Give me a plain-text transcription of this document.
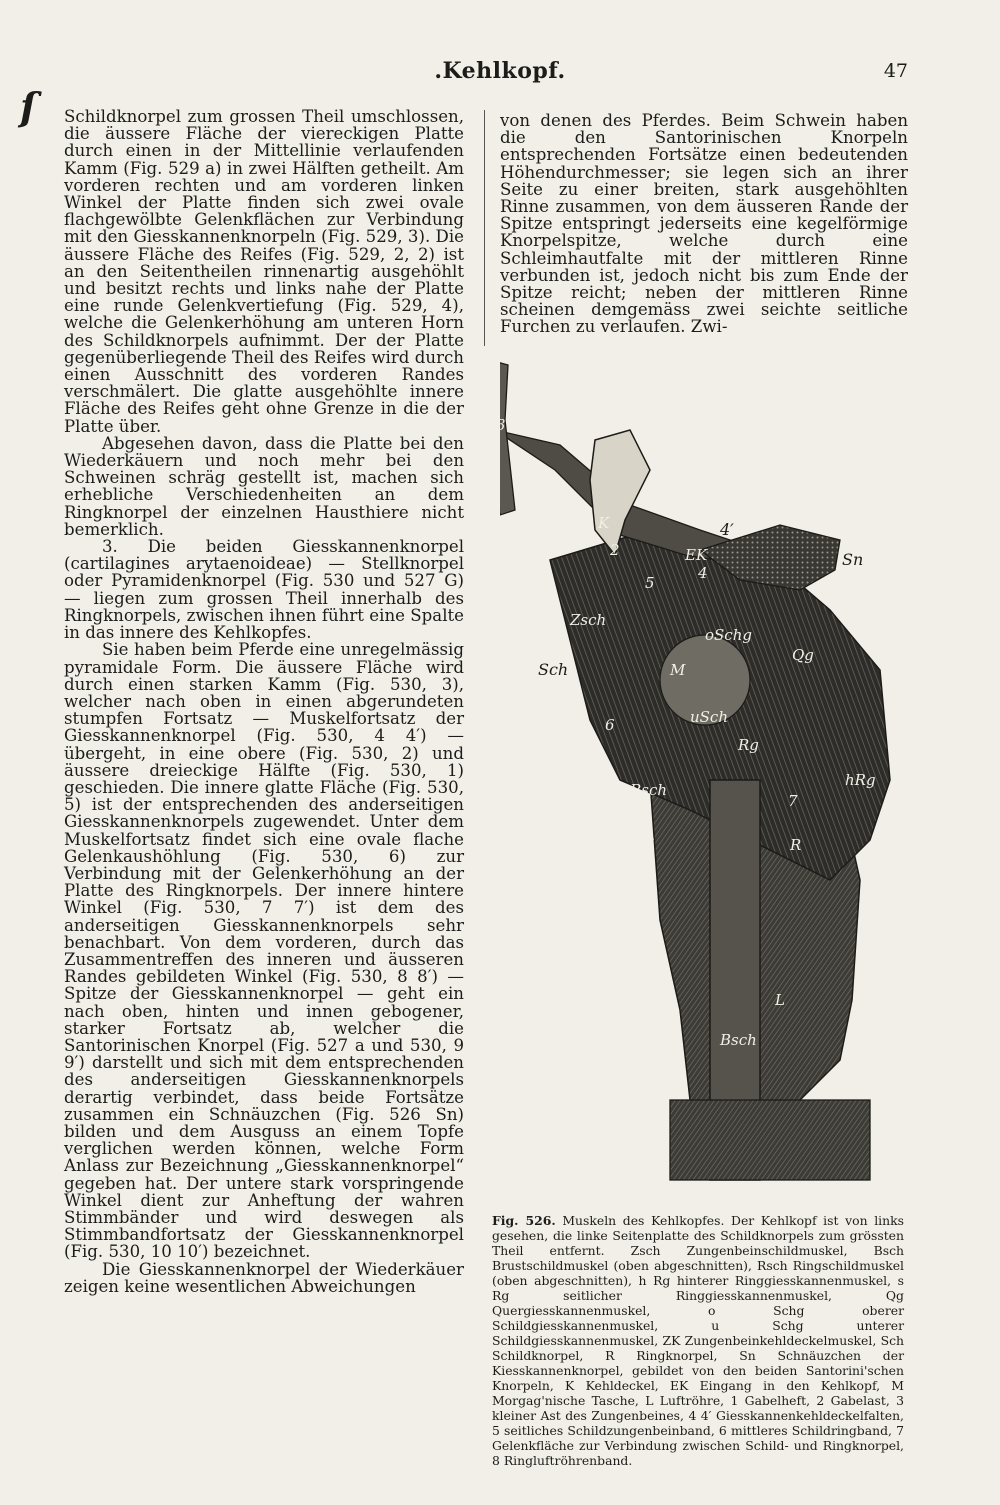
ſ
.Kehlkopf.	47

Schildknorpel zum grossen Theil umschlossen, die äussere Fläche der viereckigen Platte durch einen in der Mittellinie verlaufenden Kamm (Fig. 529 a) in zwei Hälften getheilt. Am vorderen rechten und am vorderen linken Winkel der Platte finden sich zwei ovale flachgewölbte Gelenkflächen zur Verbindung mit den Giesskannenknorpeln (Fig. 529, 3). Die äussere Fläche des Reifes (Fig. 529, 2, 2) ist an den Seitentheilen rinnenartig ausgehöhlt und besitzt rechts und links nahe der Platte eine runde Gelenkvertiefung (Fig. 529, 4), welche die Gelenkerhöhung am unteren Horn des Schildknorpels aufnimmt. Der der Platte gegenüberliegende Theil des Reifes wird durch einen Ausschnitt des vorderen Randes verschmälert. Die glatte ausgehöhlte innere Fläche des Reifes geht ohne Grenze in die der Platte über.

Abgesehen davon, dass die Platte bei den Wiederkäuern und noch mehr bei den Schweinen schräg gestellt ist, machen sich erhebliche Verschiedenheiten an dem Ringknorpel der einzelnen Hausthiere nicht bemerklich.

3. Die beiden Giesskannenknorpel (cartilagines arytaenoideae) — Stellknorpel oder Pyramidenknorpel (Fig. 530 und 527 G) — liegen zum grossen Theil innerhalb des Ringknorpels, zwischen ihnen führt eine Spalte in das innere des Kehlkopfes.

Sie haben beim Pferde eine unregelmässig pyramidale Form. Die äussere Fläche wird durch einen starken Kamm (Fig. 530, 3), welcher nach oben in einen abgerundeten stumpfen Fortsatz — Muskelfortsatz der Giesskannenknorpel (Fig. 530, 4 4′) — übergeht, in eine obere (Fig. 530, 2) und äussere dreieckige Hälfte (Fig. 530, 1) geschieden. Die innere glatte Fläche (Fig. 530, 5) ist der entsprechenden des anderseitigen Giesskannenknorpels zugewendet. Unter dem Muskelfortsatz findet sich eine ovale flache Gelenkaushöhlung (Fig. 530, 6) zur Verbindung mit der Gelenkerhöhung an der Platte des Ringknorpels. Der innere hintere Winkel (Fig. 530, 7 7′) ist dem des anderseitigen Giesskannenknorpels sehr benachbart. Von dem vorderen, durch das Zusammentreffen des inneren und äusseren Randes gebildeten Winkel (Fig. 530, 8 8′) — Spitze der Giesskannenknorpel — geht ein nach oben, hinten und innen gebogener, starker Fortsatz ab, welcher die Santorinischen Knorpel (Fig. 527 a und 530, 9 9′) darstellt und sich mit dem entsprechenden des anderseitigen Giesskannenknorpels derartig verbindet, dass beide Fortsätze zusammen ein Schnäuzchen (Fig. 526 Sn) bilden und dem Ausguss an einem Topfe verglichen werden können, welche Form Anlass zur Bezeichnung „Giesskannenknorpel“ gegeben hat. Der untere stark vorspringende Winkel dient zur Anheftung der wahren Stimmbänder und wird deswegen als Stimmbandfortsatz der Giesskannenknorpel (Fig. 530, 10 10′) bezeichnet.

Die Giesskannenknorpel der Wiederkäuer zeigen keine wesentlichen Abweichungen

von denen des Pferdes. Beim Schwein haben die den Santorinischen Knorpeln entsprechenden Fortsätze einen bedeutenden Höhendurchmesser; sie legen sich an ihrer Seite zu einer breiten, stark ausgehöhlten Rinne zusammen, von dem äusseren Rande der Spitze entspringt jederseits eine kegelförmige Knorpelspitze, welche durch eine Schleimhautfalte mit der mittleren Rinne verbunden ist, jedoch nicht bis zum Ende der Spitze reicht; neben der mittleren Rinne scheinen demgemäss zwei seichte seitliche Furchen zu verlaufen. Zwi-

ZK	K
2	EK
4
5
Zsch
oSchg
Qg
M
uSch
6
Rg
hRg
Rsch
7
8	R
L
Bsch
4′
Sn
Sch
Fig. 526. Muskeln des Kehlkopfes. Der Kehlkopf ist von links gesehen, die linke Seitenplatte des Schildknorpels zum grössten Theil entfernt. Zsch Zungenbeinschildmuskel, Bsch Brustschildmuskel (oben abgeschnitten), Rsch Ringschildmuskel (oben abgeschnitten), h Rg hinterer Ringgiesskannenmuskel, s Rg seitlicher Ringgiesskannenmuskel, Qg Quergiesskannenmuskel, o Schg oberer Schildgiesskannenmuskel, u Schg unterer Schildgiesskannenmuskel, ZK Zungenbeinkehldeckelmuskel, Sch Schildknorpel, R Ringknorpel, Sn Schnäuzchen der Kiesskannenknorpel, gebildet von den beiden Santorini'schen Knorpeln, K Kehldeckel, EK Eingang in den Kehlkopf, M Morgag'nische Tasche, L Luftröhre, 1 Gabelheft, 2 Gabelast, 3 kleiner Ast des Zungenbeines, 4 4′ Giesskannenkehldeckelfalten, 5 seitliches Schildzungenbeinband, 6 mittleres Schildringband, 7 Gelenkfläche zur Verbindung zwischen Schild- und Ringknorpel, 8 Ringluftröhrenband.
